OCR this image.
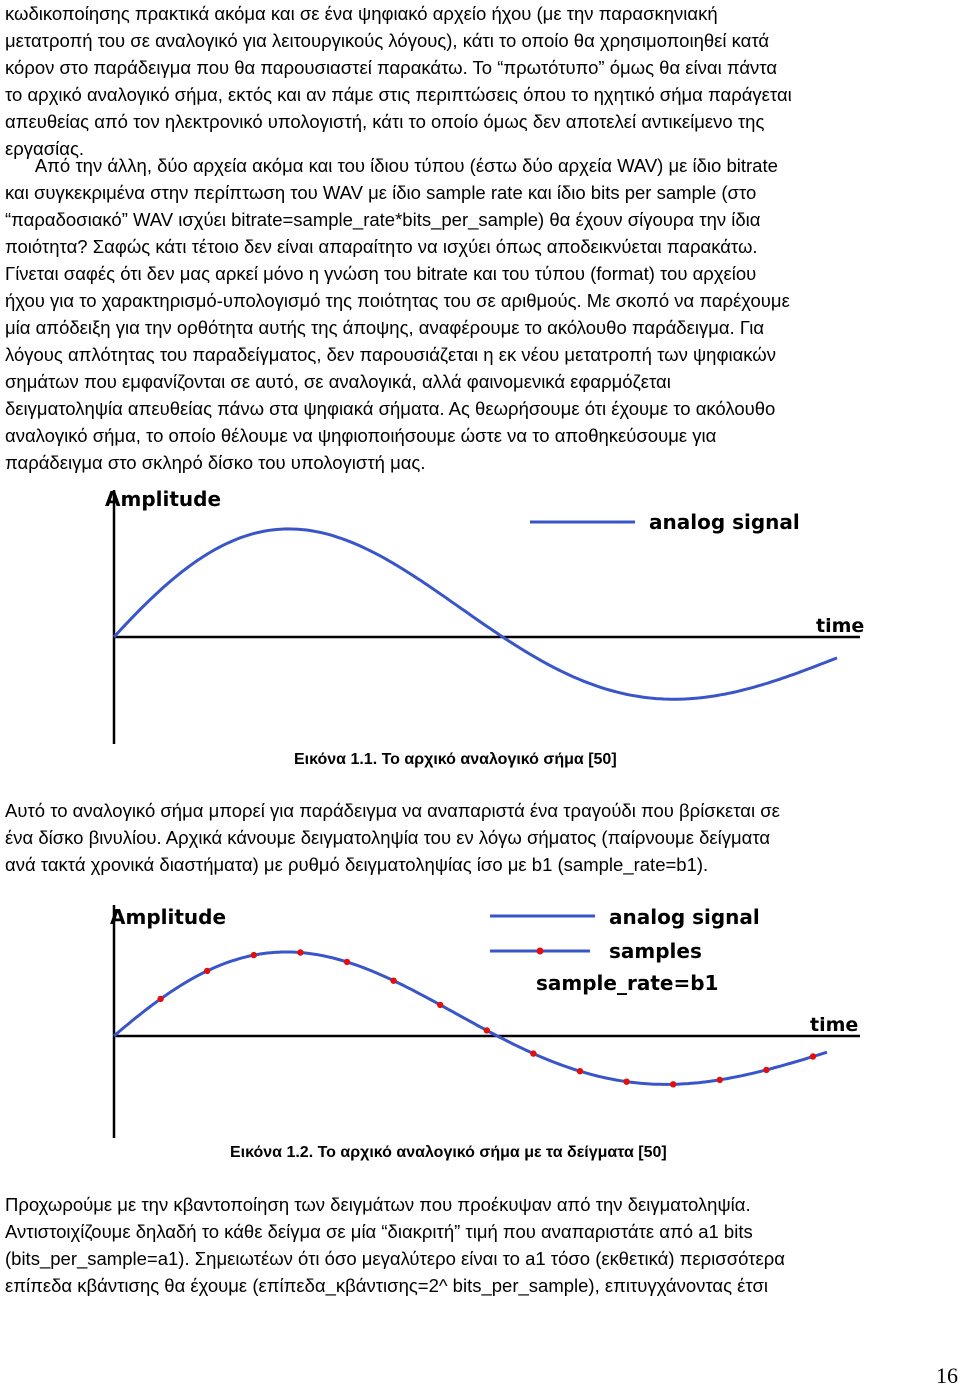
κωδικοποίησης πρακτικά ακόμα και σε ένα ψηφιακό αρχείο ήχου (με την παρασκηνιακή
μετατροπή του σε αναλογικό για λειτουργικούς λόγους), κάτι το οποίο θα χρησιμοποιηθεί κατά
κόρον στο παράδειγμα που θα παρουσιαστεί παρακάτω. Το “πρωτότυπο” όμως θα είναι πάντα
το αρχικό αναλογικό σήμα, εκτός και αν πάμε στις περιπτώσεις όπου το ηχητικό σήμα παράγεται
απευθείας από τον ηλεκτρονικό υπολογιστή, κάτι το οποίο όμως δεν αποτελεί αντικείμενο της
εργασίας.
Από την άλλη, δύο αρχεία ακόμα και του ίδιου τύπου (έστω δύο αρχεία WAV) με ίδιο bitrate
και συγκεκριμένα στην περίπτωση του WAV με ίδιο sample rate και ίδιο bits per sample (στο
“παραδοσιακό” WAV ισχύει bitrate=sample_rate*bits_per_sample) θα έχουν σίγουρα την ίδια
ποιότητα? Σαφώς κάτι τέτοιο δεν είναι απαραίτητο να ισχύει όπως αποδεικνύεται παρακάτω.
Γίνεται σαφές ότι δεν μας αρκεί μόνο η γνώση του bitrate και του τύπου (format) του αρχείου
ήχου για το χαρακτηρισμό-υπολογισμό της ποιότητας του σε αριθμούς. Με σκοπό να παρέχουμε
μία απόδειξη για την ορθότητα αυτής της άποψης, αναφέρουμε το ακόλουθο παράδειγμα. Για
λόγους απλότητας του παραδείγματος, δεν παρουσιάζεται η εκ νέου μετατροπή των ψηφιακών
σημάτων που εμφανίζονται σε αυτό, σε αναλογικά, αλλά φαινομενικά εφαρμόζεται
δειγματοληψία απευθείας πάνω στα ψηφιακά σήματα. Ας θεωρήσουμε ότι έχουμε το ακόλουθο
αναλογικό σήμα, το οποίο θέλουμε να ψηφιοποιήσουμε ώστε να το αποθηκεύσουμε για
παράδειγμα στο σκληρό δίσκο του υπολογιστή μας.
Amplitude
analog signal
time
Εικόνα 1.1. Το αρχικό αναλογικό σήμα [50]
Αυτό το αναλογικό σήμα μπορεί για παράδειγμα να αναπαριστά ένα τραγούδι που βρίσκεται σε
ένα δίσκο βινυλίου. Αρχικά κάνουμε δειγματοληψία του εν λόγω σήματος (παίρνουμε δείγματα
ανά τακτά χρονικά διαστήματα) με ρυθμό δειγματοληψίας ίσο με b1 (sample_rate=b1).
Amplitude	analog signal
samples
sample_rate=b1
time
Εικόνα 1.2. Το αρχικό αναλογικό σήμα με τα δείγματα [50]
Προχωρούμε με την κβαντοποίηση των δειγμάτων που προέκυψαν από την δειγματοληψία.
Αντιστοιχίζουμε δηλαδή το κάθε δείγμα σε μία “διακριτή” τιμή που αναπαριστάτε από a1 bits
(bits_per_sample=a1). Σημειωτέων ότι όσο μεγαλύτερο είναι το a1 τόσο (εκθετικά) περισσότερα
επίπεδα κβάντισης θα έχουμε (επίπεδα_κβάντισης=2^ bits_per_sample), επιτυγχάνοντας έτσι
16
